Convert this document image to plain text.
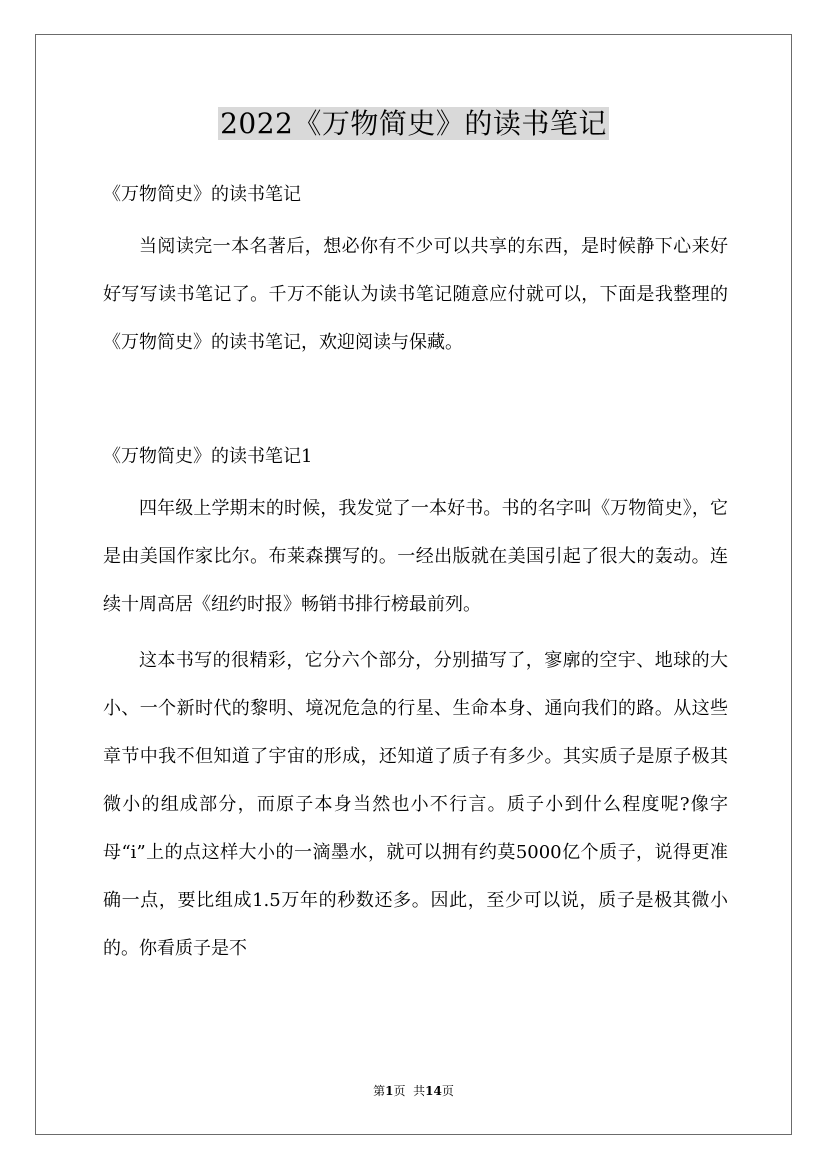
2022《万物简史》的读书笔记

《万物简史》的读书笔记

当阅读完一本名著后，想必你有不少可以共享的东西，是时候静下心来好好写写读书笔记了。千万不能认为读书笔记随意应付就可以，下面是我整理的《万物简史》的读书笔记，欢迎阅读与保藏。

《万物简史》的读书笔记1

四年级上学期末的时候，我发觉了一本好书。书的名字叫《万物简史》，它是由美国作家比尔。布莱森撰写的。一经出版就在美国引起了很大的轰动。连续十周高居《纽约时报》畅销书排行榜最前列。

这本书写的很精彩，它分六个部分，分别描写了，寥廓的空宇、地球的大小、一个新时代的黎明、境况危急的行星、生命本身、通向我们的路。从这些章节中我不但知道了宇宙的形成，还知道了质子有多少。其实质子是原子极其微小的组成部分，而原子本身当然也小不行言。质子小到什么程度呢?像字母“i”上的点这样大小的一滴墨水，就可以拥有约莫5000亿个质子，说得更准确一点，要比组成1.5万年的秒数还多。因此，至少可以说，质子是极其微小的。你看质子是不

第1页 共14页
